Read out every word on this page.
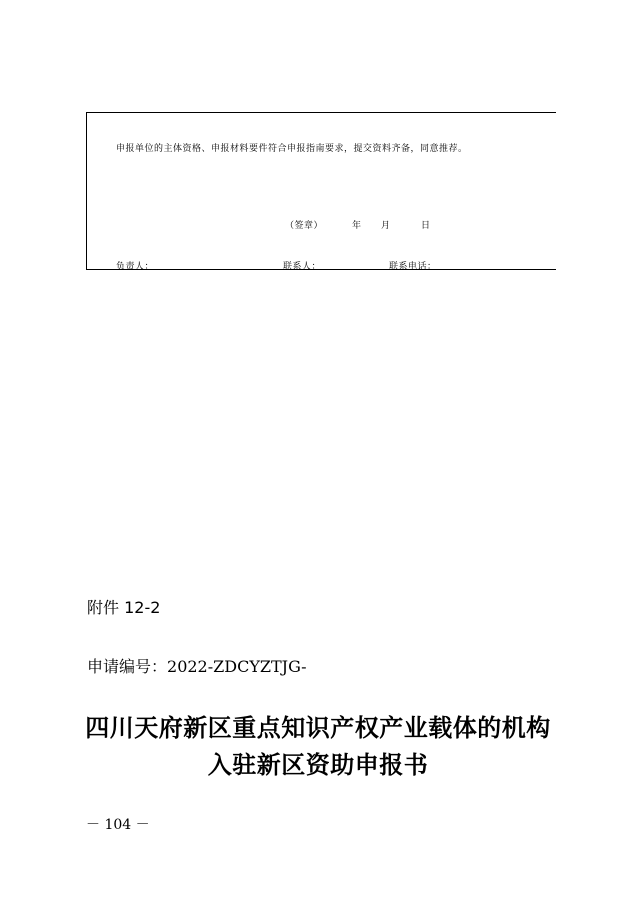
申报单位的主体资格、申报材料要件符合申报指南要求，提交资料齐备，同意推荐。
（签章）	年 月	日
负责人：	联系人：	联系电话：
附件 12-2
申请编号：2022-ZDCYZTJG-
四川天府新区重点知识产权产业载体的机构
入驻新区资助申报书
－ 104 －
